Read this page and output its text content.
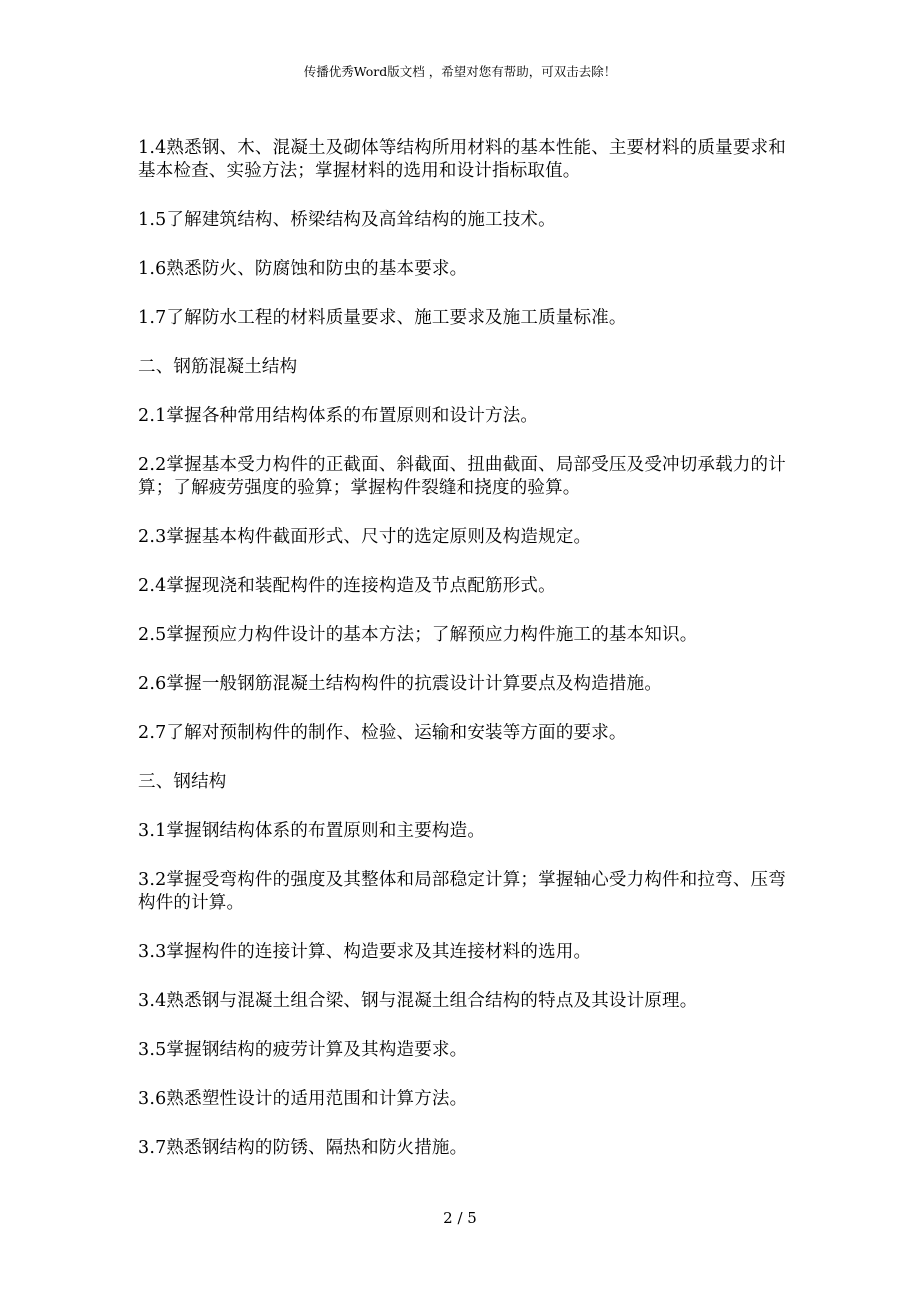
传播优秀Word版文档 ，希望对您有帮助，可双击去除！

1.4熟悉钢、木、混凝土及砌体等结构所用材料的基本性能、主要材料的质量要求和基本检查、实验方法；掌握材料的选用和设计指标取值。

1.5了解建筑结构、桥梁结构及高耸结构的施工技术。

1.6熟悉防火、防腐蚀和防虫的基本要求。

1.7了解防水工程的材料质量要求、施工要求及施工质量标准。

二、钢筋混凝土结构

2.1掌握各种常用结构体系的布置原则和设计方法。

2.2掌握基本受力构件的正截面、斜截面、扭曲截面、局部受压及受冲切承载力的计算；了解疲劳强度的验算；掌握构件裂缝和挠度的验算。

2.3掌握基本构件截面形式、尺寸的选定原则及构造规定。

2.4掌握现浇和装配构件的连接构造及节点配筋形式。

2.5掌握预应力构件设计的基本方法；了解预应力构件施工的基本知识。

2.6掌握一般钢筋混凝土结构构件的抗震设计计算要点及构造措施。

2.7了解对预制构件的制作、检验、运输和安装等方面的要求。

三、钢结构

3.1掌握钢结构体系的布置原则和主要构造。

3.2掌握受弯构件的强度及其整体和局部稳定计算；掌握轴心受力构件和拉弯、压弯构件的计算。

3.3掌握构件的连接计算、构造要求及其连接材料的选用。

3.4熟悉钢与混凝土组合梁、钢与混凝土组合结构的特点及其设计原理。

3.5掌握钢结构的疲劳计算及其构造要求。

3.6熟悉塑性设计的适用范围和计算方法。

3.7熟悉钢结构的防锈、隔热和防火措施。

2 / 5
